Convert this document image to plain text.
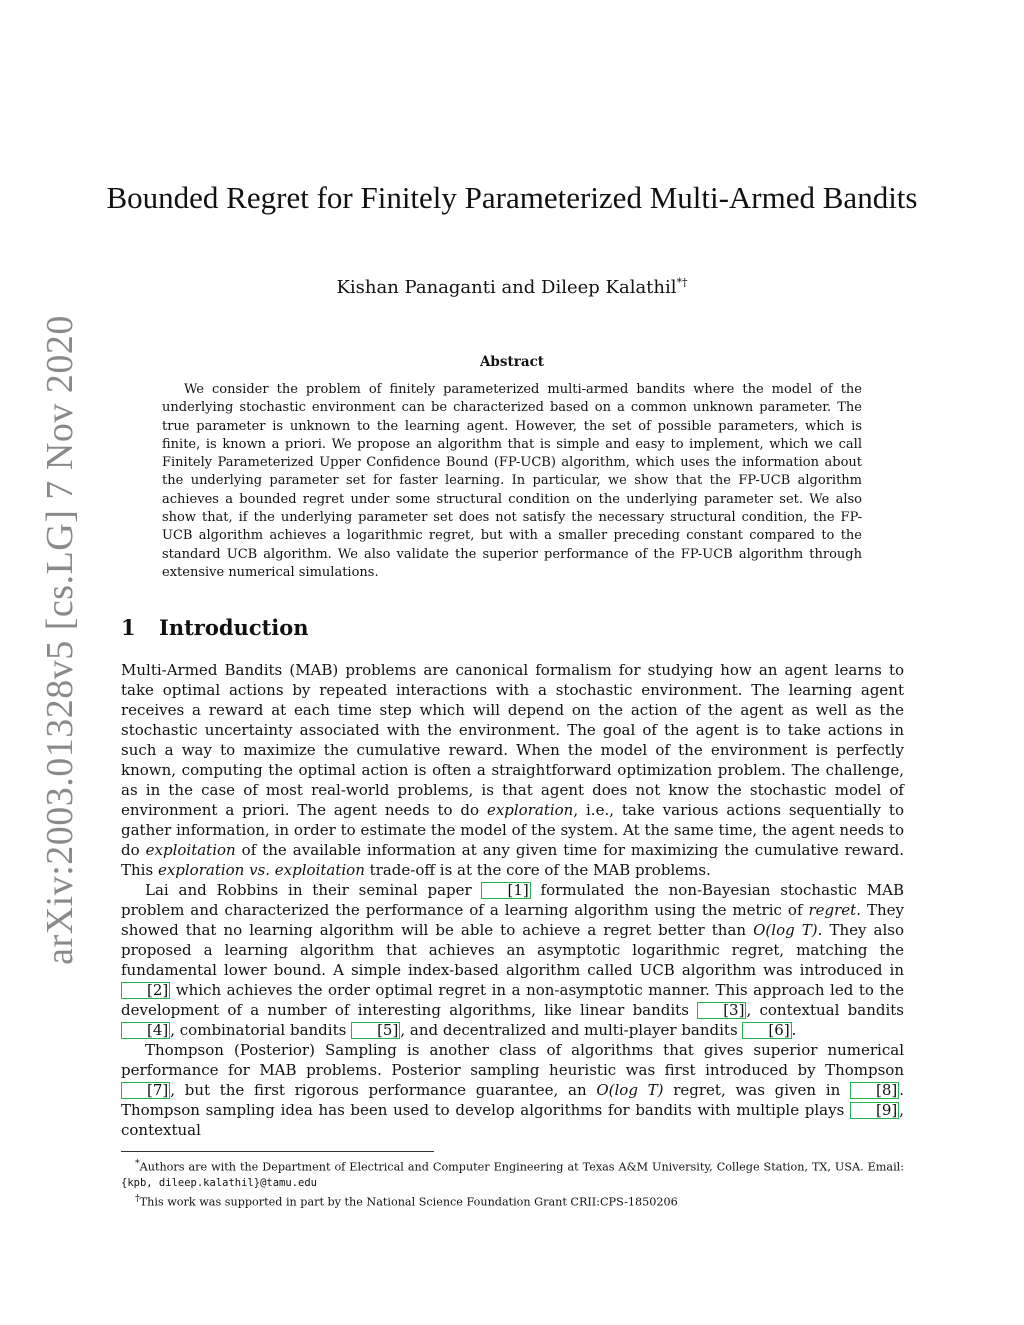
arXiv:2003.01328v5 [cs.LG] 7 Nov 2020
Bounded Regret for Finitely Parameterized Multi-Armed Bandits
Kishan Panaganti and Dileep Kalathil*†
Abstract
We consider the problem of finitely parameterized multi-armed bandits where the model of the underlying stochastic environment can be characterized based on a common unknown parameter. The true parameter is unknown to the learning agent. However, the set of possible parameters, which is finite, is known a priori. We propose an algorithm that is simple and easy to implement, which we call Finitely Parameterized Upper Confidence Bound (FP-UCB) algorithm, which uses the information about the underlying parameter set for faster learning. In particular, we show that the FP-UCB algorithm achieves a bounded regret under some structural condition on the underlying parameter set. We also show that, if the underlying parameter set does not satisfy the necessary structural condition, the FP-UCB algorithm achieves a logarithmic regret, but with a smaller preceding constant compared to the standard UCB algorithm. We also validate the superior performance of the FP-UCB algorithm through extensive numerical simulations.
1 Introduction

Multi-Armed Bandits (MAB) problems are canonical formalism for studying how an agent learns to take optimal actions by repeated interactions with a stochastic environment. The learning agent receives a reward at each time step which will depend on the action of the agent as well as the stochastic uncertainty associated with the environment. The goal of the agent is to take actions in such a way to maximize the cumulative reward. When the model of the environment is perfectly known, computing the optimal action is often a straightforward optimization problem. The challenge, as in the case of most real-world problems, is that agent does not know the stochastic model of environment a priori. The agent needs to do exploration, i.e., take various actions sequentially to gather information, in order to estimate the model of the system. At the same time, the agent needs to do exploitation of the available information at any given time for maximizing the cumulative reward. This exploration vs. exploitation trade-off is at the core of the MAB problems.

Lai and Robbins in their seminal paper [1] formulated the non-Bayesian stochastic MAB problem and characterized the performance of a learning algorithm using the metric of regret. They showed that no learning algorithm will be able to achieve a regret better than O(log T). They also proposed a learning algorithm that achieves an asymptotic logarithmic regret, matching the fundamental lower bound. A simple index-based algorithm called UCB algorithm was introduced in [2] which achieves the order optimal regret in a non-asymptotic manner. This approach led to the development of a number of interesting algorithms, like linear bandits [3] , contextual bandits [4] , combinatorial bandits [5] , and decentralized and multi-player bandits [6] .

Thompson (Posterior) Sampling is another class of algorithms that gives superior numerical performance for MAB problems. Posterior sampling heuristic was first introduced by Thompson [7] , but the first rigorous performance guarantee, an O(log T) regret, was given in [8] . Thompson sampling idea has been used to develop algorithms for bandits with multiple plays [9] , contextual

*Authors are with the Department of Electrical and Computer Engineering at Texas A&M University, College Station, TX, USA. Email:{kpb, dileep.kalathil}@tamu.edu

†This work was supported in part by the National Science Foundation Grant CRII:CPS-1850206
